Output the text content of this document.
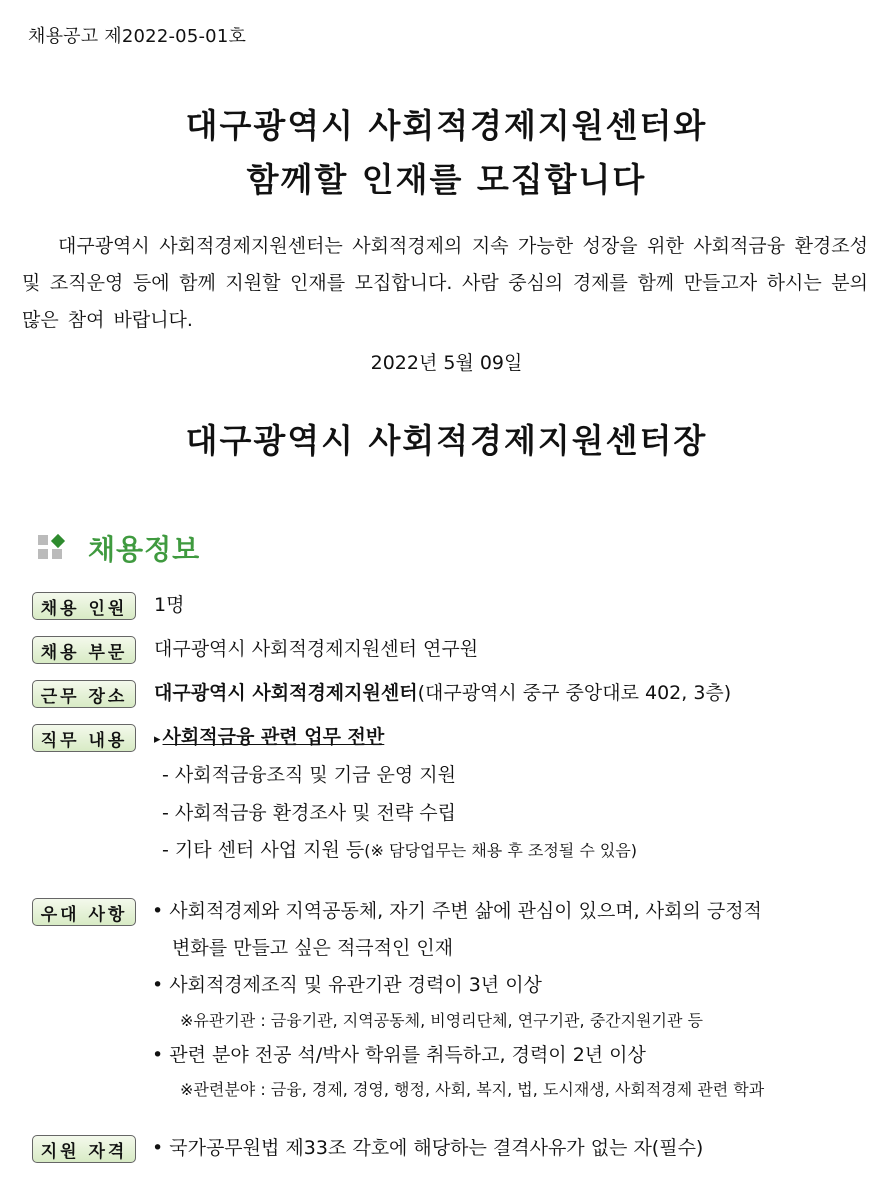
채용공고 제2022-05-01호
대구광역시 사회적경제지원센터와
함께할 인재를 모집합니다
대구광역시 사회적경제지원센터는 사회적경제의 지속 가능한 성장을 위한 사회적금융 환경조성 및 조직운영 등에 함께 지원할 인재를 모집합니다. 사람 중심의 경제를 함께 만들고자 하시는 분의 많은 참여 바랍니다.
2022년 5월 09일
대구광역시 사회적경제지원센터장
채용정보
채용 인원	1명
채용 부문	대구광역시 사회적경제지원센터 연구원
근무 장소	대구광역시 사회적경제지원센터(대구광역시 중구 중앙대로 402, 3층)
직무 내용	▸ 사회적금융 관련 업무 전반
- 사회적금융조직 및 기금 운영 지원
- 사회적금융 환경조사 및 전략 수립
- 기타 센터 사업 지원 등(※ 담당업무는 채용 후 조정될 수 있음)
우대 사항	• 사회적경제와 지역공동체, 자기 주변 삶에 관심이 있으며, 사회의 긍정적
변화를 만들고 싶은 적극적인 인재
• 사회적경제조직 및 유관기관 경력이 3년 이상
※유관기관 : 금융기관, 지역공동체, 비영리단체, 연구기관, 중간지원기관 등
• 관련 분야 전공 석/박사 학위를 취득하고, 경력이 2년 이상
※관련분야 : 금융, 경제, 경영, 행정, 사회, 복지, 법, 도시재생, 사회적경제 관련 학과
지원 자격	• 국가공무원법 제33조 각호에 해당하는 결격사유가 없는 자(필수)
